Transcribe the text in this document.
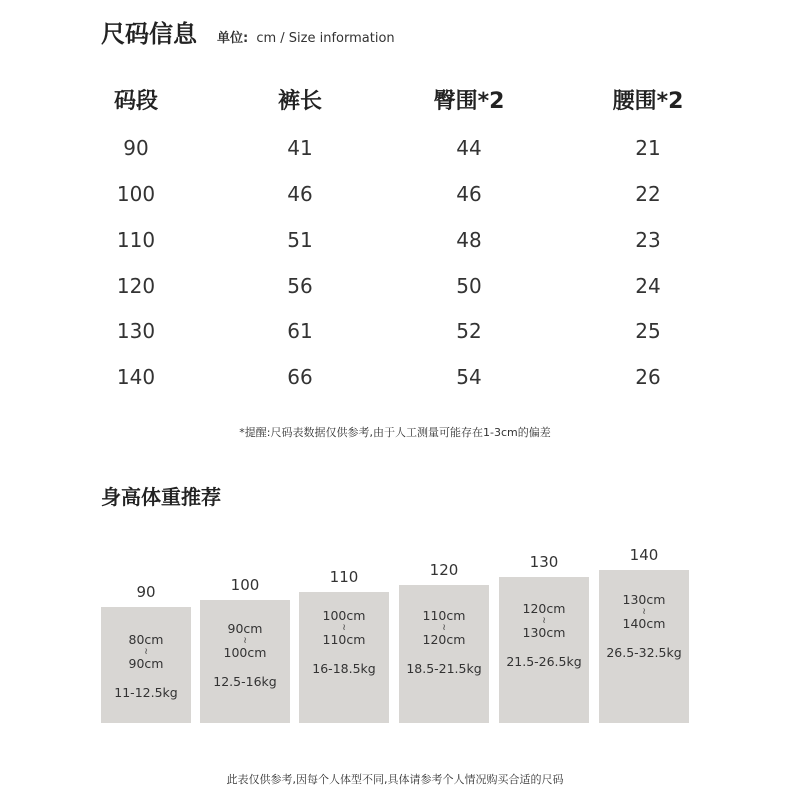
尺码信息 单位: cm / Size information
码段	裤长	臀围*2	腰围*2
90	41	44	21
100	46	46	22
110	51	48	23
120	56	50	24
130	61	52	25
140	66	54	26
*提醒:尺码表数据仅供参考,由于人工测量可能存在1-3cm的偏差
身高体重推荐
90
80cm
≀
90cm
11-12.5kg
100
90cm
≀
100cm
12.5-16kg
110
100cm
≀
110cm
16-18.5kg
120
110cm
≀
120cm
18.5-21.5kg
130
120cm
≀
130cm
21.5-26.5kg
140
130cm
≀
140cm
26.5-32.5kg
此表仅供参考,因每个人体型不同,具体请参考个人情况购买合适的尺码
